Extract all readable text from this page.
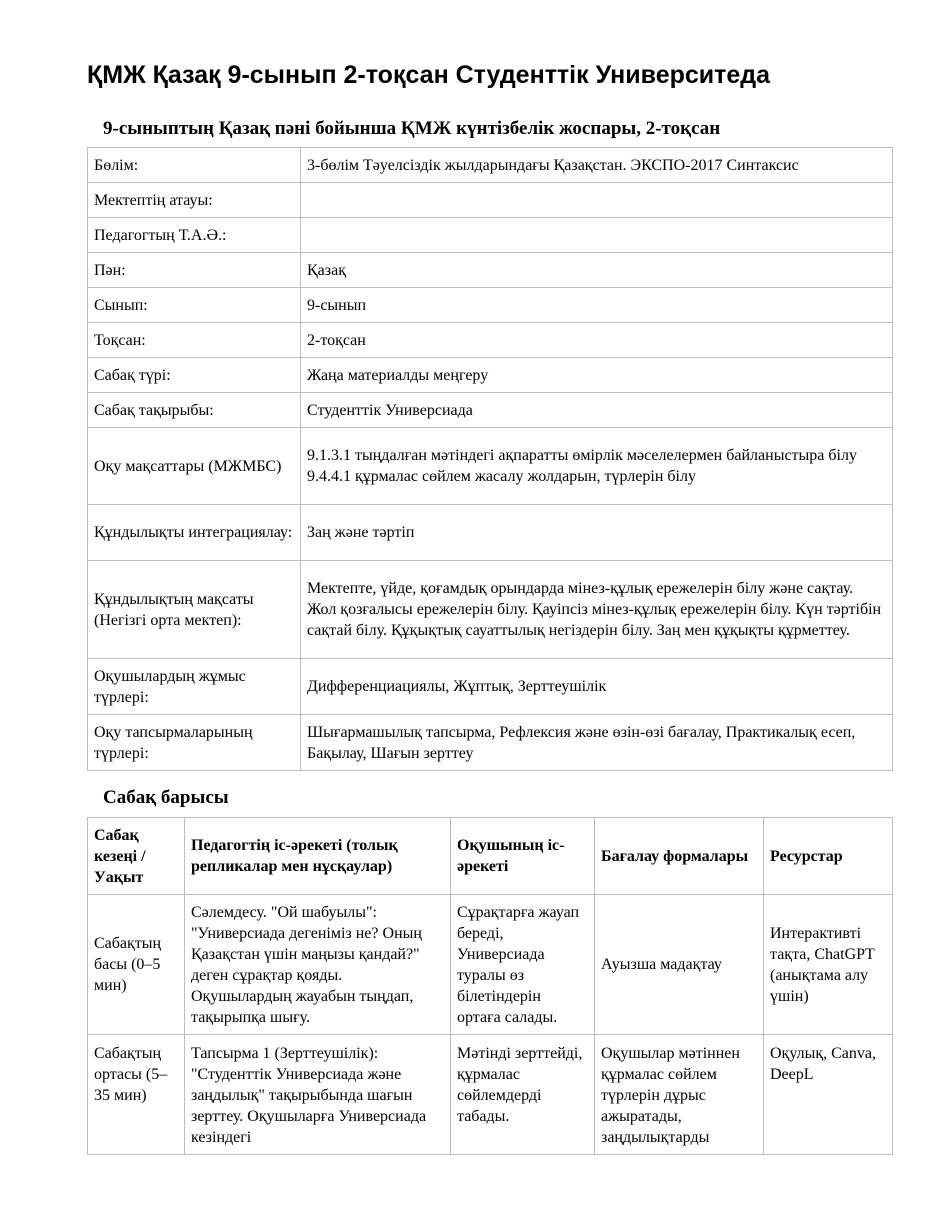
ҚМЖ Қазақ 9-сынып 2-тоқсан Студенттік Университеда
9-сыныптың Қазақ пәні бойынша ҚМЖ күнтізбелік жоспары, 2-тоқсан
Бөлім:	3-бөлім Тәуелсіздік жылдарындағы Қазақстан. ЭКСПО-2017 Синтаксис
Мектептің атауы:	
Педагогтың Т.А.Ә.:	
Пән:	Қазақ
Сынып:	9-сынып
Тоқсан:	2-тоқсан
Сабақ түрі:	Жаңа материалды меңгеру
Сабақ тақырыбы:	Студенттік Универсиада
Оқу мақсаттары (МЖМБС)	9.1.3.1 тыңдалған мәтіндегі ақпаратты өмірлік мәселелермен байланыстыра білу 9.4.4.1 құрмалас сөйлем жасалу жолдарын, түрлерін білу
Құндылықты интеграциялау:	Заң және тәртіп
Құндылықтың мақсаты (Негізгі орта мектеп):	Мектепте, үйде, қоғамдық орындарда мінез-құлық ережелерін білу және сақтау. Жол қозғалысы ережелерін білу. Қауіпсіз мінез-құлық ережелерін білу. Күн тәртібін сақтай білу. Құқықтық сауаттылық негіздерін білу. Заң мен құқықты құрметтеу.
Оқушылардың жұмыс түрлері:	Дифференциациялы, Жұптық, Зерттеушілік
Оқу тапсырмаларының түрлері:	Шығармашылық тапсырма, Рефлексия және өзін-өзі бағалау, Практикалық есеп, Бақылау, Шағын зерттеу
Сабақ барысы
Сабақ кезеңі / Уақыт	Педагогтің іс-әрекеті (толық репликалар мен нұсқаулар)	Оқушының іс-әрекеті	Бағалау формалары	Ресурстар
Сабақтың басы (0–5 мин)	Сәлемдесу. "Ой шабуылы": "Универсиада дегеніміз не? Оның Қазақстан үшін маңызы қандай?" деген сұрақтар қояды. Оқушылардың жауабын тыңдап, тақырыпқа шығу.	Сұрақтарға жауап береді, Универсиада туралы өз білетіндерін ортаға салады.	Ауызша мадақтау	Интерактивті тақта, ChatGPT (анықтама алу үшін)
Сабақтың ортасы (5–35 мин)	Тапсырма 1 (Зерттеушілік): "Студенттік Универсиада және заңдылық" тақырыбында шағын зерттеу. Оқушыларға Универсиада кезіндегі	Мәтінді зерттейді, құрмалас сөйлемдерді табады.	Оқушылар мәтіннен құрмалас сөйлем түрлерін дұрыс ажыратады, заңдылықтарды	Оқулық, Canva, DeepL
